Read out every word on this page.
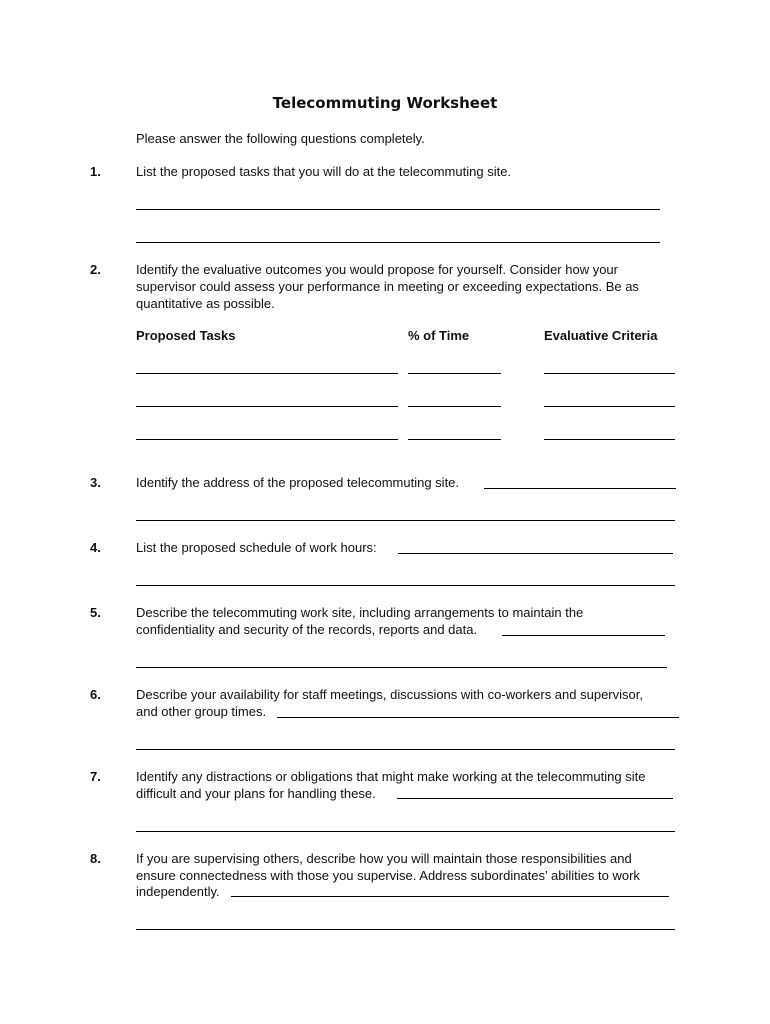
Telecommuting Worksheet
Please answer the following questions completely.
1.	List the proposed tasks that you will do at the telecommuting site.
2.	Identify the evaluative outcomes you would propose for yourself. Consider how your
supervisor could assess your performance in meeting or exceeding expectations. Be as
quantitative as possible.
Proposed Tasks	% of Time	Evaluative Criteria
3.	Identify the address of the proposed telecommuting site.
4.	List the proposed schedule of work hours:
5.	Describe the telecommuting work site, including arrangements to maintain the
confidentiality and security of the records, reports and data.
6.	Describe your availability for staff meetings, discussions with co-workers and supervisor,
and other group times.
7.	Identify any distractions or obligations that might make working at the telecommuting site
difficult and your plans for handling these.
8.	If you are supervising others, describe how you will maintain those responsibilities and
ensure connectedness with those you supervise. Address subordinates’ abilities to work
independently.
